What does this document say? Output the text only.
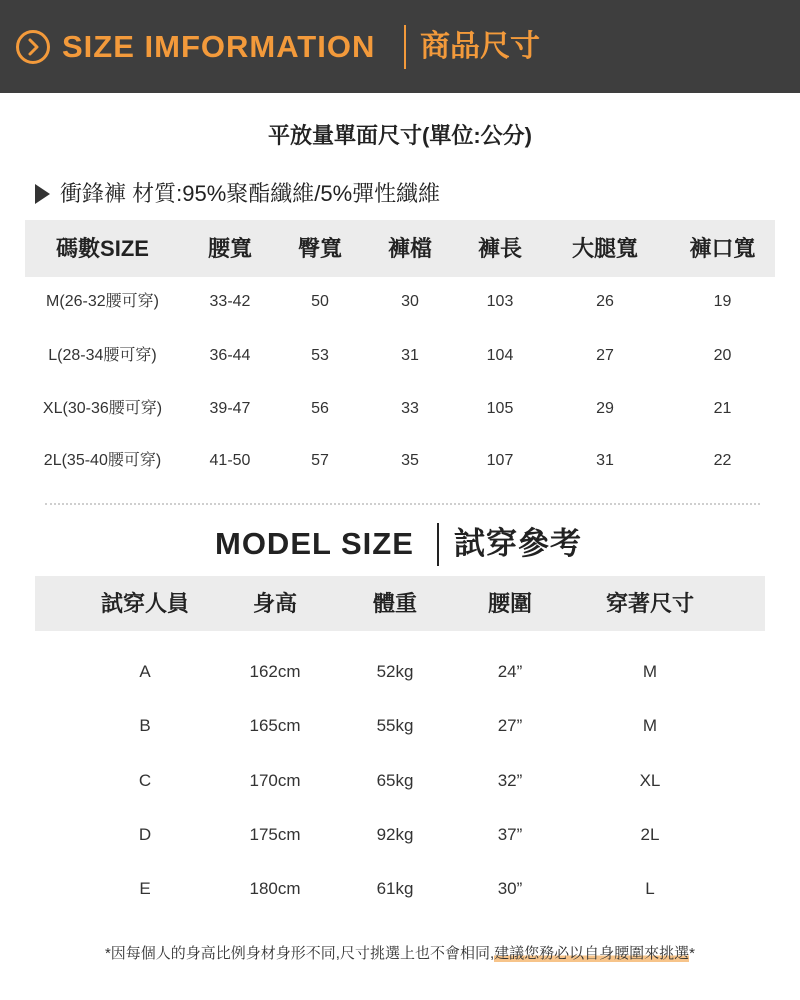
SIZE IMFORMATION 商品尺寸
平放量單面尺寸(單位:公分)
衝鋒褲 材質:95%聚酯纖維/5%彈性纖維
碼數SIZE	腰寬	臀寬	褲檔	褲長	大腿寬	褲口寬
M(26-32腰可穿)	33-42	50	30	103	26	19
L(28-34腰可穿)	36-44	53	31	104	27	20
XL(30-36腰可穿)	39-47	56	33	105	29	21
2L(35-40腰可穿)	41-50	57	35	107	31	22
MODEL SIZE 試穿參考
試穿人員	身高	體重	腰圍	穿著尺寸
A	162cm	52kg	24”	M
B	165cm	55kg	27”	M
C	170cm	65kg	32”	XL
D	175cm	92kg	37”	2L
E	180cm	61kg	30”	L
*因每個人的身高比例身材身形不同,尺寸挑選上也不會相同,建議您務必以自身腰圍來挑選*
